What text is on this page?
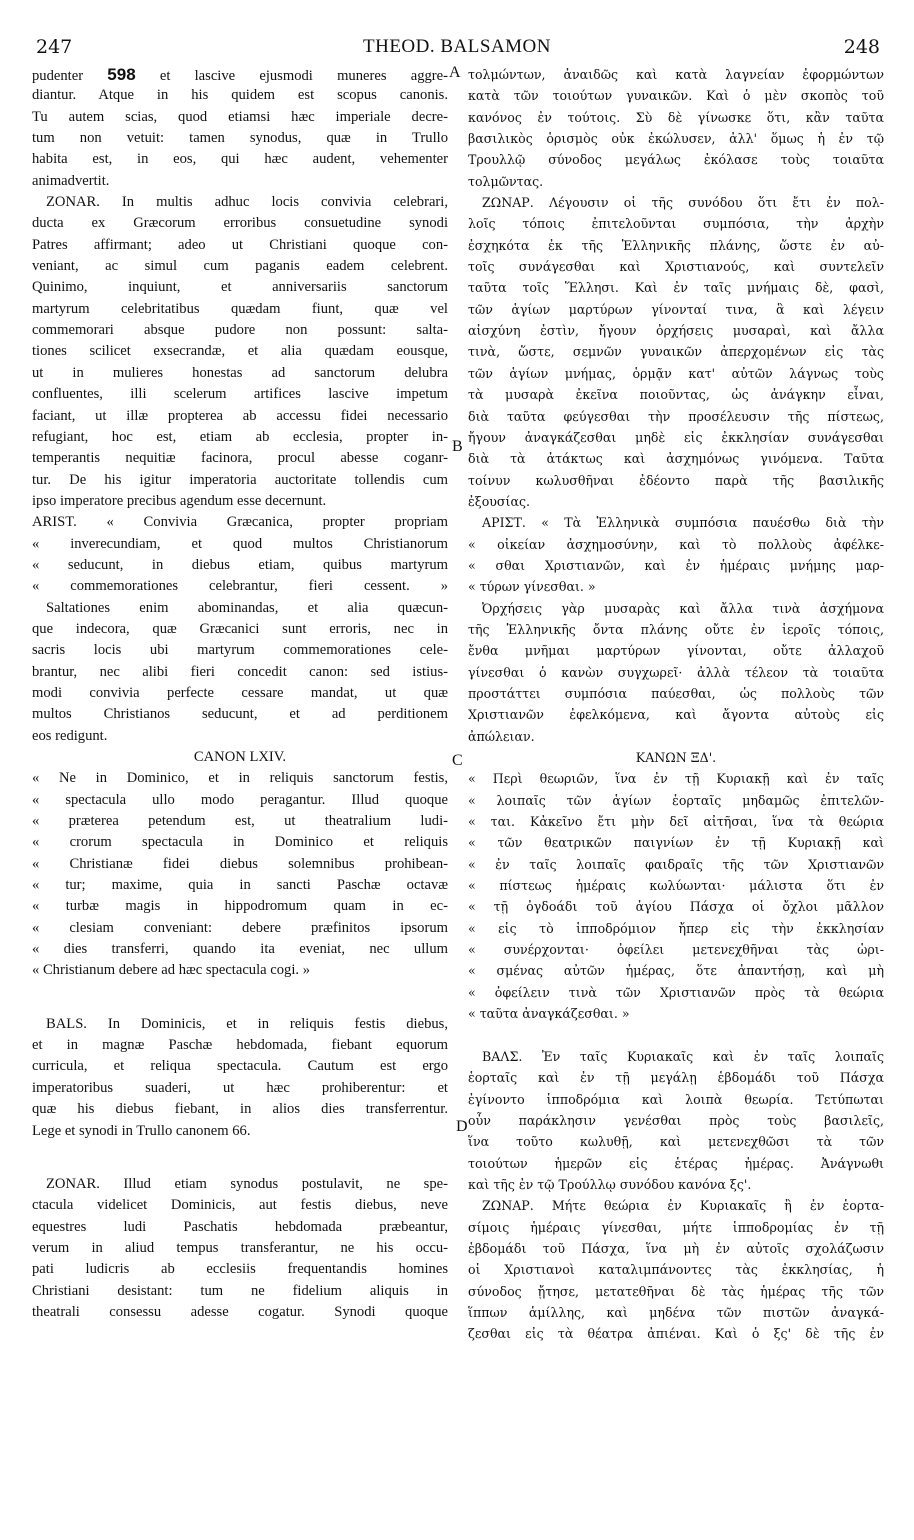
247	THEOD. BALSAMON	248
A
B
C
D
pudenter 598 et lascive ejusmodi muneres aggre-
diantur. Atque in his quidem est scopus canonis.
Tu autem scias, quod etiamsi hæc imperiale decre-
tum non vetuit: tamen synodus, quæ in Trullo
habita est, in eos, qui hæc audent, vehementer
animadvertit.
ZONAR. In multis adhuc locis convivia celebrari,
ducta ex Græcorum erroribus consuetudine synodi
Patres affirmant; adeo ut Christiani quoque con-
veniant, ac simul cum paganis eadem celebrent.
Quinimo, inquiunt, et anniversariis sanctorum
martyrum celebritatibus quædam fiunt, quæ vel
commemorari absque pudore non possunt: salta-
tiones scilicet exsecrandæ, et alia quædam eousque,
ut in mulieres honestas ad sanctorum delubra
confluentes, illi scelerum artifices lascive impetum
faciant, ut illæ propterea ab accessu fidei necessario
refugiant, hoc est, etiam ab ecclesia, propter in-
temperantis nequitiæ facinora, procul abesse coganr-
tur. De his igitur imperatoria auctoritate tollendis cum
ipso imperatore precibus agendum esse decernunt.
ARIST. « Convivia Græcanica, propter propriam
« inverecundiam, et quod multos Christianorum
« seducunt, in diebus etiam, quibus martyrum
« commemorationes celebrantur, fieri cessent. »
Saltationes enim abominandas, et alia quæcun-
que indecora, quæ Græcanici sunt erroris, nec in
sacris locis ubi martyrum commemorationes cele-
brantur, nec alibi fieri concedit canon: sed istius-
modi convivia perfecte cessare mandat, ut quæ
multos Christianos seducunt, et ad perditionem
eos redigunt.
CANON LXIV.
« Ne in Dominico, et in reliquis sanctorum festis,
« spectacula ullo modo peragantur. Illud quoque
« præterea petendum est, ut theatralium ludi-
« crorum spectacula in Dominico et reliquis
« Christianæ fidei diebus solemnibus prohibean-
« tur; maxime, quia in sancti Paschæ octavæ
« turbæ magis in hippodromum quam in ec-
« clesiam conveniant: debere præfinitos ipsorum
« dies transferri, quando ita eveniat, nec ullum
« Christianum debere ad hæc spectacula cogi. »
BALS. In Dominicis, et in reliquis festis diebus,
et in magnæ Paschæ hebdomada, fiebant equorum
curricula, et reliqua spectacula. Cautum est ergo
imperatoribus suaderi, ut hæc prohiberentur: et
quæ his diebus fiebant, in alios dies transferrentur.
Lege et synodi in Trullo canonem 66.
ZONAR. Illud etiam synodus postulavit, ne spe-
ctacula videlicet Dominicis, aut festis diebus, neve
equestres ludi Paschatis hebdomada præbeantur,
verum in aliud tempus transferantur, ne his occu-
pati ludicris ab ecclesiis frequentandis homines
Christiani desistant: tum ne fidelium aliquis in
theatrali consessu adesse cogatur. Synodi quoque
τολμώντων, ἀναιδῶς καὶ κατὰ λαγνείαν ἐφορμώντων
κατὰ τῶν τοιούτων γυναικῶν. Καὶ ὁ μὲν σκοπὸς τοῦ
κανόνος ἐν τούτοις. Σὺ δὲ γίνωσκε ὅτι, κἂν ταῦτα
βασιλικὸς ὁρισμὸς οὐκ ἐκώλυσεν, ἀλλ' ὅμως ἡ ἐν τῷ
Τρουλλῷ σύνοδος μεγάλως ἐκόλασε τοὺς τοιαῦτα
τολμῶντας.
ΖΩΝΑΡ. Λέγουσιν οἱ τῆς συνόδου ὅτι ἔτι ἐν πολ-
λοῖς τόποις ἐπιτελοῦνται συμπόσια, τὴν ἀρχὴν
ἐσχηκότα ἐκ τῆς Ἑλληνικῆς πλάνης, ὥστε ἐν αὐ-
τοῖς συνάγεσθαι καὶ Χριστιανούς, καὶ συντελεῖν
ταῦτα τοῖς Ἕλλησι. Καὶ ἐν ταῖς μνήμαις δὲ, φασὶ,
τῶν ἁγίων μαρτύρων γίνονταί τινα, ἃ καὶ λέγειν
αἰσχύνη ἐστὶν, ἤγουν ὀρχήσεις μυσαραὶ, καὶ ἄλλα
τινὰ, ὥστε, σεμνῶν γυναικῶν ἀπερχομένων εἰς τὰς
τῶν ἁγίων μνήμας, ὁρμᾷν κατ' αὐτῶν λάγνως τοὺς
τὰ μυσαρὰ ἐκεῖνα ποιοῦντας, ὡς ἀνάγκην εἶναι,
διὰ ταῦτα φεύγεσθαι τὴν προσέλευσιν τῆς πίστεως,
ἤγουν ἀναγκάζεσθαι μηδὲ εἰς ἐκκλησίαν συνάγεσθαι
διὰ τὰ ἀτάκτως καὶ ἀσχημόνως γινόμενα. Ταῦτα
τοίνυν κωλυσθῆναι ἐδέοντο παρὰ τῆς βασιλικῆς
ἐξουσίας.
ΑΡΙΣΤ. « Τὰ Ἑλληνικὰ συμπόσια παυέσθω διὰ τὴν
« οἰκείαν ἀσχημοσύνην, καὶ τὸ πολλοὺς ἀφέλκε-
« σθαι Χριστιανῶν, καὶ ἐν ἡμέραις μνήμης μαρ-
« τύρων γίνεσθαι. »
Ὀρχήσεις γὰρ μυσαρὰς καὶ ἄλλα τινὰ ἀσχήμονα
τῆς Ἑλληνικῆς ὄντα πλάνης οὔτε ἐν ἱεροῖς τόποις,
ἔνθα μνῆμαι μαρτύρων γίνονται, οὔτε ἀλλαχοῦ
γίνεσθαι ὁ κανὼν συγχωρεῖ· ἀλλὰ τέλεον τὰ τοιαῦτα
προστάττει συμπόσια παύεσθαι, ὡς πολλοὺς τῶν
Χριστιανῶν ἐφελκόμενα, καὶ ἄγοντα αὐτοὺς εἰς
ἀπώλειαν.
ΚΑΝΩΝ ΞΔ'.
« Περὶ θεωριῶν, ἵνα ἐν τῇ Κυριακῇ καὶ ἐν ταῖς
« λοιπαῖς τῶν ἁγίων ἑορταῖς μηδαμῶς ἐπιτελῶν-
« ται. Κἀκεῖνο ἔτι μὴν δεῖ αἰτῆσαι, ἵνα τὰ θεώρια
« τῶν θεατρικῶν παιγνίων ἐν τῇ Κυριακῇ καὶ
« ἐν ταῖς λοιπαῖς φαιδραῖς τῆς τῶν Χριστιανῶν
« πίστεως ἡμέραις κωλύωνται· μάλιστα ὅτι ἐν
« τῇ ὀγδοάδι τοῦ ἁγίου Πάσχα οἱ ὄχλοι μᾶλλον
« εἰς τὸ ἱπποδρόμιον ἤπερ εἰς τὴν ἐκκλησίαν
« συνέρχονται· ὀφείλει μετενεχθῆναι τὰς ὡρι-
« σμένας αὐτῶν ἡμέρας, ὅτε ἀπαντήσῃ, καὶ μὴ
« ὀφείλειν τινὰ τῶν Χριστιανῶν πρὸς τὰ θεώρια
« ταῦτα ἀναγκάζεσθαι. »
ΒΑΛΣ. Ἐν ταῖς Κυριακαῖς καὶ ἐν ταῖς λοιπαῖς
ἑορταῖς καὶ ἐν τῇ μεγάλῃ ἑβδομάδι τοῦ Πάσχα
ἐγίνοντο ἱπποδρόμια καὶ λοιπὰ θεωρία. Τετύπωται
οὖν παράκλησιν γενέσθαι πρὸς τοὺς βασιλεῖς,
ἵνα τοῦτο κωλυθῇ, καὶ μετενεχθῶσι τὰ τῶν
τοιούτων ἡμερῶν εἰς ἑτέρας ἡμέρας. Ἀνάγνωθι
καὶ τῆς ἐν τῷ Τρούλλῳ συνόδου κανόνα ξς'.
ΖΩΝΑΡ. Μήτε θεώρια ἐν Κυριακαῖς ἢ ἐν ἑορτα-
σίμοις ἡμέραις γίνεσθαι, μήτε ἱπποδρομίας ἐν τῇ
ἑβδομάδι τοῦ Πάσχα, ἵνα μὴ ἐν αὐτοῖς σχολάζωσιν
οἱ Χριστιανοὶ καταλιμπάνοντες τὰς ἐκκλησίας, ἡ
σύνοδος ᾔτησε, μετατεθῆναι δὲ τὰς ἡμέρας τῆς τῶν
ἵππων ἁμίλλης, καὶ μηδένα τῶν πιστῶν ἀναγκά-
ζεσθαι εἰς τὰ θέατρα ἀπιέναι. Καὶ ὁ ξς' δὲ τῆς ἐν
